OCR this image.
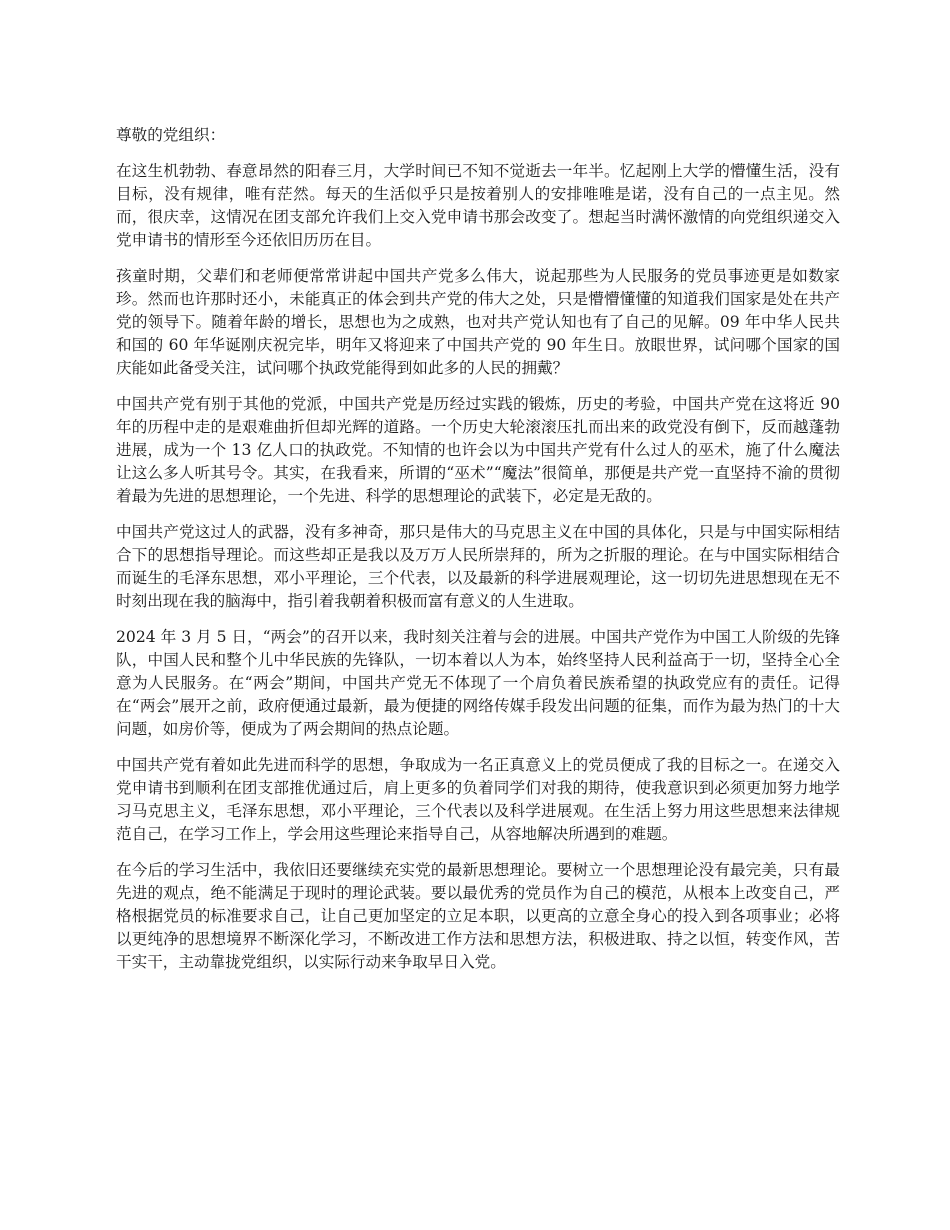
尊敬的党组织：

在这生机勃勃、春意昂然的阳春三月，大学时间已不知不觉逝去一年半。忆起刚上大学的懵懂生活，没有目标，没有规律，唯有茫然。每天的生活似乎只是按着别人的安排唯唯是诺，没有自己的一点主见。然而，很庆幸，这情况在团支部允许我们上交入党申请书那会改变了。想起当时满怀激情的向党组织递交入党申请书的情形至今还依旧历历在目。

孩童时期，父辈们和老师便常常讲起中国共产党多么伟大，说起那些为人民服务的党员事迹更是如数家珍。然而也许那时还小，未能真正的体会到共产党的伟大之处，只是懵懵懂懂的知道我们国家是处在共产党的领导下。随着年龄的增长，思想也为之成熟，也对共产党认知也有了自己的见解。09 年中华人民共和国的 60 年华诞刚庆祝完毕，明年又将迎来了中国共产党的 90 年生日。放眼世界，试问哪个国家的国庆能如此备受关注，试问哪个执政党能得到如此多的人民的拥戴？

中国共产党有别于其他的党派，中国共产党是历经过实践的锻炼，历史的考验，中国共产党在这将近 90 年的历程中走的是艰难曲折但却光辉的道路。一个历史大轮滚滚压扎而出来的政党没有倒下，反而越蓬勃进展，成为一个 13 亿人口的执政党。不知情的也许会以为中国共产党有什么过人的巫术，施了什么魔法让这么多人听其号令。其实，在我看来，所谓的“巫术”“魔法”很简单，那便是共产党一直坚持不渝的贯彻着最为先进的思想理论，一个先进、科学的思想理论的武装下，必定是无敌的。

中国共产党这过人的武器，没有多神奇，那只是伟大的马克思主义在中国的具体化，只是与中国实际相结合下的思想指导理论。而这些却正是我以及万万人民所崇拜的，所为之折服的理论。在与中国实际相结合而诞生的毛泽东思想，邓小平理论，三个代表，以及最新的科学进展观理论，这一切切先进思想现在无不时刻出现在我的脑海中，指引着我朝着积极而富有意义的人生进取。

2024 年 3 月 5 日，“两会”的召开以来，我时刻关注着与会的进展。中国共产党作为中国工人阶级的先锋队，中国人民和整个儿中华民族的先锋队，一切本着以人为本，始终坚持人民利益高于一切，坚持全心全意为人民服务。在“两会”期间，中国共产党无不体现了一个肩负着民族希望的执政党应有的责任。记得在“两会”展开之前，政府便通过最新，最为便捷的网络传媒手段发出问题的征集，而作为最为热门的十大问题，如房价等，便成为了两会期间的热点论题。

中国共产党有着如此先进而科学的思想，争取成为一名正真意义上的党员便成了我的目标之一。在递交入党申请书到顺利在团支部推优通过后，肩上更多的负着同学们对我的期待，使我意识到必须更加努力地学习马克思主义，毛泽东思想，邓小平理论，三个代表以及科学进展观。在生活上努力用这些思想来法律规范自己，在学习工作上，学会用这些理论来指导自己，从容地解决所遇到的难题。

在今后的学习生活中，我依旧还要继续充实党的最新思想理论。要树立一个思想理论没有最完美，只有最先进的观点，绝不能满足于现时的理论武装。要以最优秀的党员作为自己的模范，从根本上改变自己，严格根据党员的标准要求自己，让自己更加坚定的立足本职，以更高的立意全身心的投入到各项事业；必将以更纯净的思想境界不断深化学习，不断改进工作方法和思想方法，积极进取、持之以恒，转变作风，苦干实干，主动靠拢党组织，以实际行动来争取早日入党。
